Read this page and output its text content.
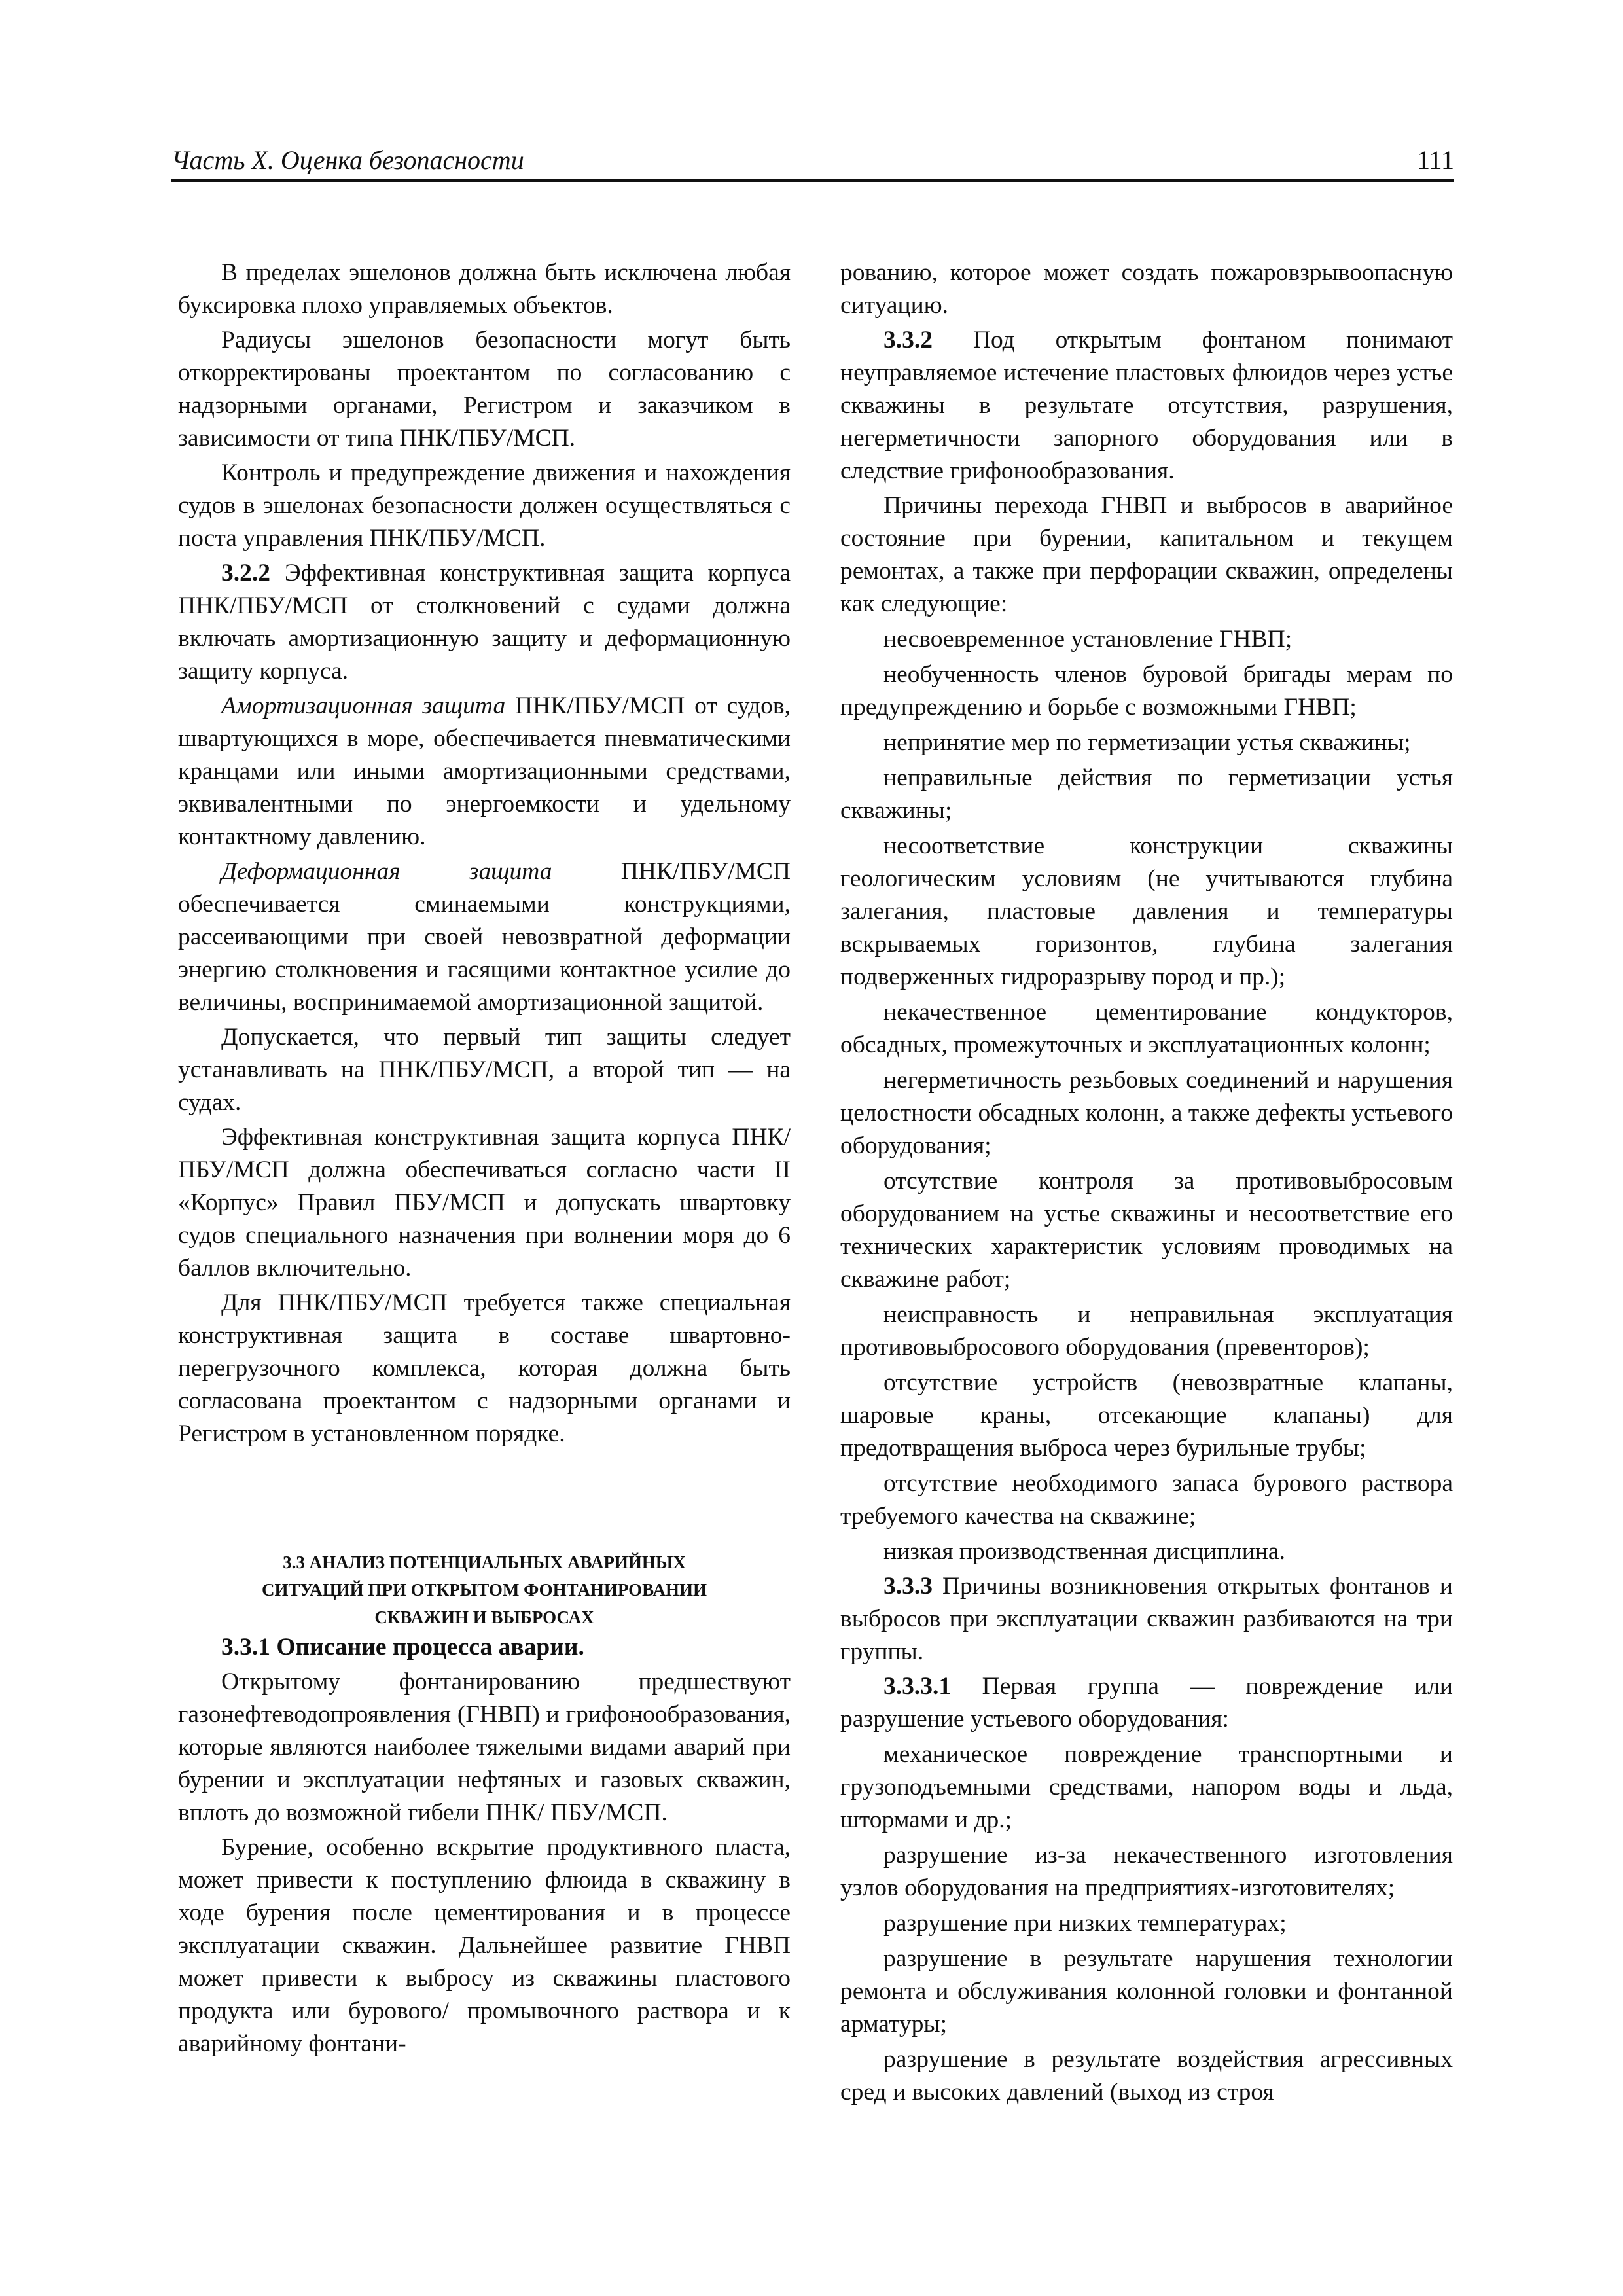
Часть X. Оценка безопасности	111

В пределах эшелонов должна быть исключена любая буксировка плохо управляемых объектов.

Радиусы эшелонов безопасности могут быть откорректированы проектантом по согласованию с надзорными органами, Регистром и заказчиком в зависимости от типа ПНК/ПБУ/МСП.

Контроль и предупреждение движения и нахождения судов в эшелонах безопасности должен осуществляться с поста управления ПНК/ПБУ/МСП.

3.2.2 Эффективная конструктивная защита корпуса ПНК/ПБУ/МСП от столкновений с судами должна включать амортизационную защиту и деформационную защиту корпуса.

Амортизационная защита ПНК/ПБУ/МСП от судов, швартующихся в море, обеспечивается пневматическими кранцами или иными амортизационными средствами, эквивалентными по энергоемкости и удельному контактному давлению.

Деформационная защита ПНК/ПБУ/МСП обеспечивается сминаемыми конструкциями, рассеивающими при своей невозвратной деформации энергию столкновения и гасящими контактное усилие до величины, воспринимаемой амортизационной защитой.

Допускается, что первый тип защиты следует устанавливать на ПНК/ПБУ/МСП, а второй тип — на судах.

Эффективная конструктивная защита корпуса ПНК/ПБУ/МСП должна обеспечиваться согласно части II «Корпус» Правил ПБУ/МСП и допускать швартовку судов специального назначения при волнении моря до 6 баллов включительно.

Для ПНК/ПБУ/МСП требуется также специальная конструктивная защита в составе швартовно-перегрузочного комплекса, которая должна быть согласована проектантом с надзорными органами и Регистром в установленном порядке.

3.3 АНАЛИЗ ПОТЕНЦИАЛЬНЫХ АВАРИЙНЫХ
СИТУАЦИЙ ПРИ ОТКРЫТОМ ФОНТАНИРОВАНИИ
СКВАЖИН И ВЫБРОСАХ

3.3.1 Описание процесса аварии.

Открытому фонтанированию предшествуют газонефтеводопроявления (ГНВП) и грифонообразования, которые являются наиболее тяжелыми видами аварий при бурении и эксплуатации нефтяных и газовых скважин, вплоть до возможной гибели ПНК/ ПБУ/МСП.

Бурение, особенно вскрытие продуктивного пласта, может привести к поступлению флюида в скважину в ходе бурения после цементирования и в процессе эксплуатации скважин. Дальнейшее развитие ГНВП может привести к выбросу из скважины пластового продукта или бурового/ промывочного раствора и к аварийному фонтани-

рованию, которое может создать пожаровзрывоопасную ситуацию.

3.3.2 Под открытым фонтаном понимают неуправляемое истечение пластовых флюидов через устье скважины в результате отсутствия, разрушения, негерметичности запорного оборудования или в следствие грифонообразования.

Причины перехода ГНВП и выбросов в аварийное состояние при бурении, капитальном и текущем ремонтах, а также при перфорации скважин, определены как следующие:

несвоевременное установление ГНВП;

необученность членов буровой бригады мерам по предупреждению и борьбе с возможными ГНВП;

непринятие мер по герметизации устья скважины;

неправильные действия по герметизации устья скважины;

несоответствие конструкции скважины геологическим условиям (не учитываются глубина залегания, пластовые давления и температуры вскрываемых горизонтов, глубина залегания подверженных гидроразрыву пород и пр.);

некачественное цементирование кондукторов, обсадных, промежуточных и эксплуатационных колонн;

негерметичность резьбовых соединений и нарушения целостности обсадных колонн, а также дефекты устьевого оборудования;

отсутствие контроля за противовыбросовым оборудованием на устье скважины и несоответствие его технических характеристик условиям проводимых на скважине работ;

неисправность и неправильная эксплуатация противовыбросового оборудования (превенторов);

отсутствие устройств (невозвратные клапаны, шаровые краны, отсекающие клапаны) для предотвращения выброса через бурильные трубы;

отсутствие необходимого запаса бурового раствора требуемого качества на скважине;

низкая производственная дисциплина.

3.3.3 Причины возникновения открытых фонтанов и выбросов при эксплуатации скважин разбиваются на три группы.

3.3.3.1 Первая группа — повреждение или разрушение устьевого оборудования:

механическое повреждение транспортными и грузоподъемными средствами, напором воды и льда, штормами и др.;

разрушение из-за некачественного изготовления узлов оборудования на предприятиях-изготовителях;

разрушение при низких температурах;

разрушение в результате нарушения технологии ремонта и обслуживания колонной головки и фонтанной арматуры;

разрушение в результате воздействия агрессивных сред и высоких давлений (выход из строя
